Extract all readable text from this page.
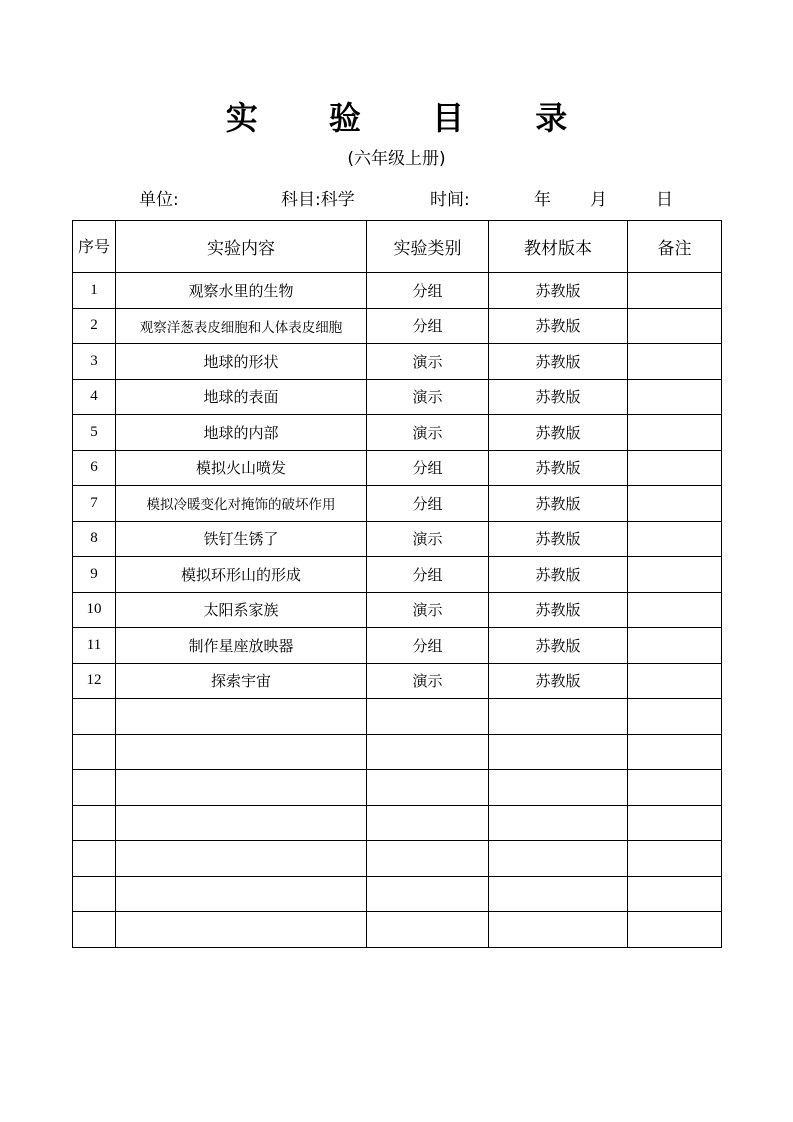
实 验 目 录
(六年级上册)
单位:	科目:科学	时间:	年 月	日
序号	实验内容	实验类别	教材版本	备注
1	观察水里的生物	分组	苏教版	
2	观察洋葱表皮细胞和人体表皮细胞	分组	苏教版	
3	地球的形状	演示	苏教版	
4	地球的表面	演示	苏教版	
5	地球的内部	演示	苏教版	
6	模拟火山喷发	分组	苏教版	
7	模拟冷暖变化对掩饰的破坏作用	分组	苏教版	
8	铁钉生锈了	演示	苏教版	
9	模拟环形山的形成	分组	苏教版	
10	太阳系家族	演示	苏教版	
11	制作星座放映器	分组	苏教版	
12	探索宇宙	演示	苏教版	
